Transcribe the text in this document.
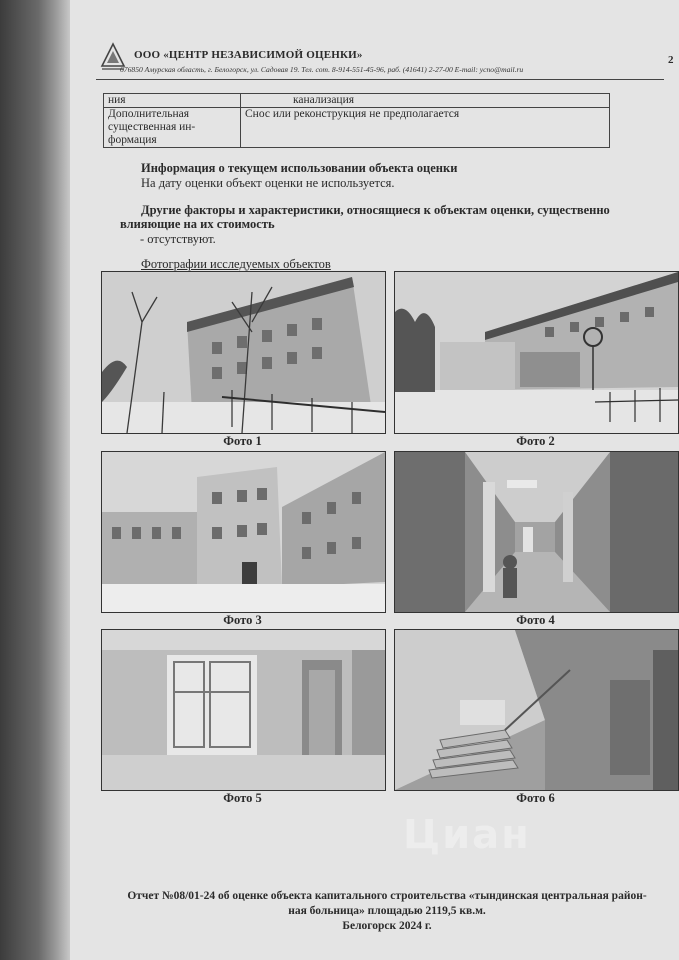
ООО «ЦЕНТР НЕЗАВИСИМОЙ ОЦЕНКИ»
676850 Амурская область, г. Белогорск, ул. Садовая 19. Тел. сот. 8-914-551-45-96, раб. (41641) 2-27-00 E-mail: ycno@mail.ru
2
ния	канализация
Дополнительная существенная ин-формация	Снос или реконструкция не предполагается
Информация о текущем использовании объекта оценки
На дату оценки объект оценки не используется.
Другие факторы и характеристики, относящиеся к объектам оценки, существенно
влияющие на их стоимость
- отсутствуют.
Фотографии исследуемых объектов
Фото 1	Фото 2
Фото 3	Фото 4
Фото 5	Фото 6
Циан
Отчет №08/01-24 об оценке объекта капитального строительства «тындинская центральная район-
ная больница» площадью 2119,5 кв.м.
Белогорск 2024 г.
